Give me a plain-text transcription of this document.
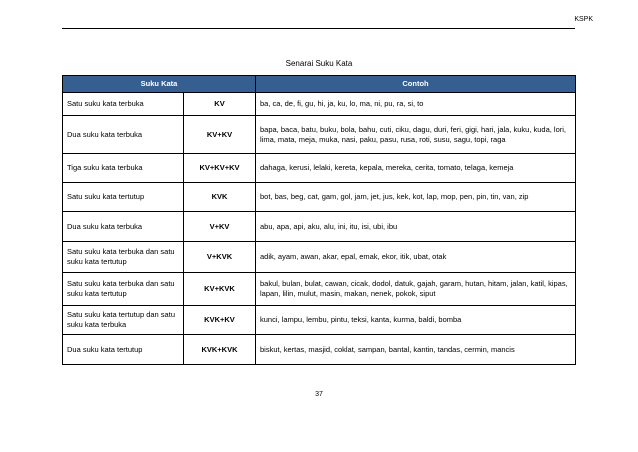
KSPK
Senarai Suku Kata
Suku Kata		Contoh
Satu suku kata terbuka	KV	ba, ca, de, fi, gu, hi, ja, ku, lo, ma, ni, pu, ra, si, to
Dua suku kata terbuka	KV+KV	bapa, baca, batu, buku, bola, bahu, cuti, ciku, dagu, duri, feri, gigi, hari, jala, kuku, kuda, lori, lima, mata, meja, muka, nasi, paku, pasu, rusa, roti, susu, sagu, topi, raga
Tiga suku kata terbuka	KV+KV+KV	dahaga, kerusi, lelaki, kereta, kepala, mereka, cerita, tomato, telaga, kemeja
Satu suku kata tertutup	KVK	bot, bas, beg, cat, gam, gol, jam, jet, jus, kek, kot, lap, mop, pen, pin, tin, van, zip
Dua suku kata terbuka	V+KV	abu, apa, api, aku, alu, ini, itu, isi, ubi, ibu
Satu suku kata terbuka dan satu suku kata tertutup	V+KVK	adik, ayam, awan, akar, epal, emak, ekor, itik, ubat, otak
Satu suku kata terbuka dan satu suku kata tertutup	KV+KVK	bakul, bulan, bulat, cawan, cicak, dodol, datuk, gajah, garam, hutan, hitam, jalan, katil, kipas, lapan, lilin, mulut, masin, makan, nenek, pokok, siput
Satu suku kata tertutup dan satu suku kata terbuka	KVK+KV	kunci, lampu, lembu, pintu, teksi, kanta, kurma, baldi, bomba
Dua suku kata tertutup	KVK+KVK	biskut, kertas, masjid, coklat, sampan, bantal, kantin, tandas, cermin, mancis
37
